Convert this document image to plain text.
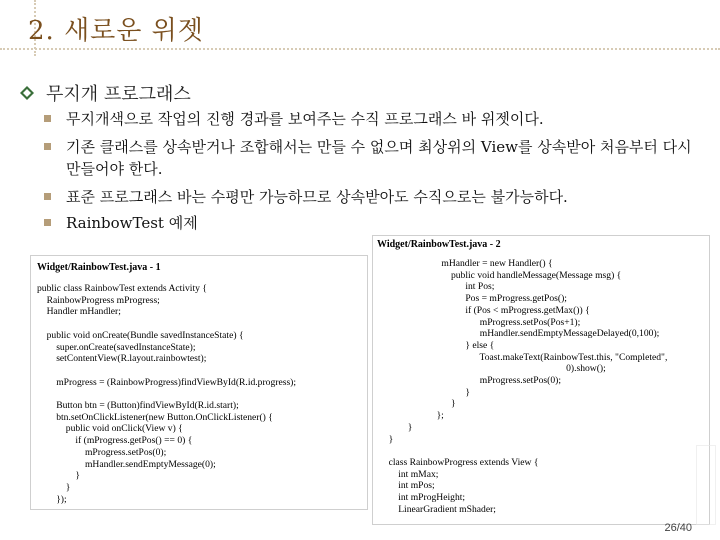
2. 새로운 위젯
무지개 프로그래스
무지개색으로 작업의 진행 경과를 보여주는 수직 프로그래스 바 위젯이다.
기존 클래스를 상속받거나 조합해서는 만들 수 없으며 최상위의 View를 상속받아 처음부터 다시 만들어야 한다.
표준 프로그래스 바는 수평만 가능하므로 상속받아도 수직으로는 불가능하다.
RainbowTest 예제
Widget/RainbowTest.java - 1
public class RainbowTest extends Activity {
RainbowProgress mProgress;
Handler mHandler;

public void onCreate(Bundle savedInstanceState) {
super.onCreate(savedInstanceState);
setContentView(R.layout.rainbowtest);

mProgress = (RainbowProgress)findViewById(R.id.progress);

Button btn = (Button)findViewById(R.id.start);
btn.setOnClickListener(new Button.OnClickListener() {
public void onClick(View v) {
if (mProgress.getPos() == 0) {
mProgress.setPos(0);
mHandler.sendEmptyMessage(0);
}
}
});
Widget/RainbowTest.java - 2
mHandler = new Handler() {
public void handleMessage(Message msg) {
int Pos;
Pos = mProgress.getPos();
if (Pos < mProgress.getMax()) {
mProgress.setPos(Pos+1);
mHandler.sendEmptyMessageDelayed(0,100);
} else {
Toast.makeText(RainbowTest.this, "Completed",
0).show();
mProgress.setPos(0);
}
}
};
}
}

class RainbowProgress extends View {
int mMax;
int mPos;
int mProgHeight;
LinearGradient mShader;
26/40
